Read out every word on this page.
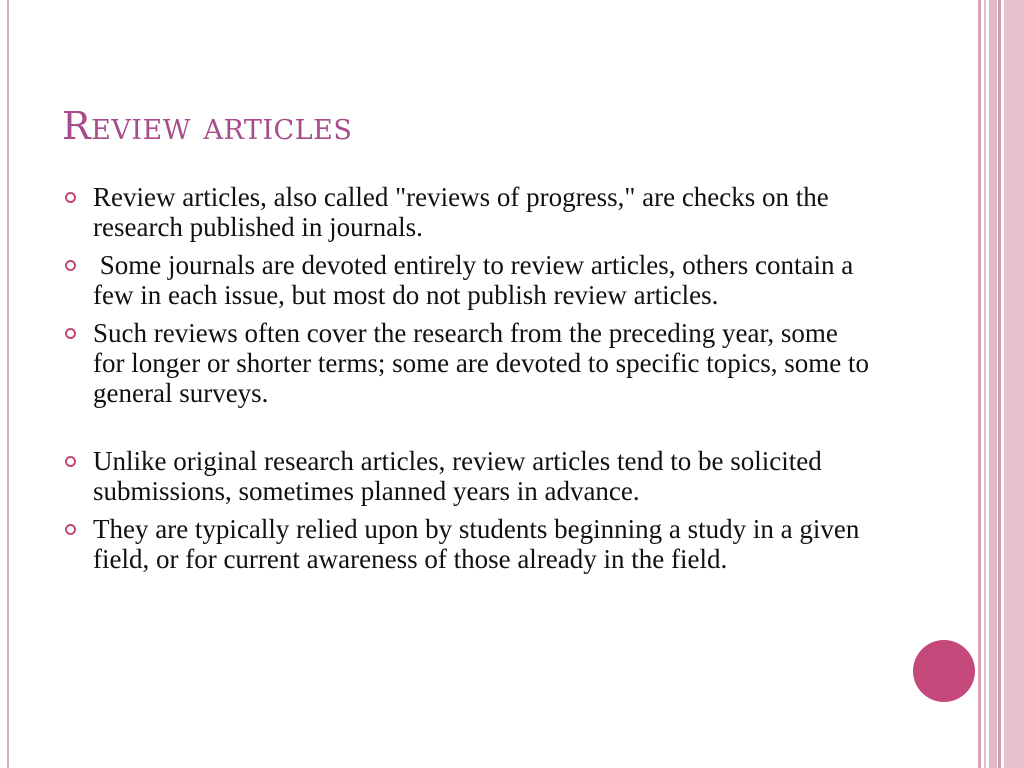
Review articles
Review articles, also called "reviews of progress," are checks on the research published in journals.
Some journals are devoted entirely to review articles, others contain a few in each issue, but most do not publish review articles.
Such reviews often cover the research from the preceding year, some for longer or shorter terms; some are devoted to specific topics, some to general surveys.
Unlike original research articles, review articles tend to be solicited submissions, sometimes planned years in advance.
They are typically relied upon by students beginning a study in a given field, or for current awareness of those already in the field.
